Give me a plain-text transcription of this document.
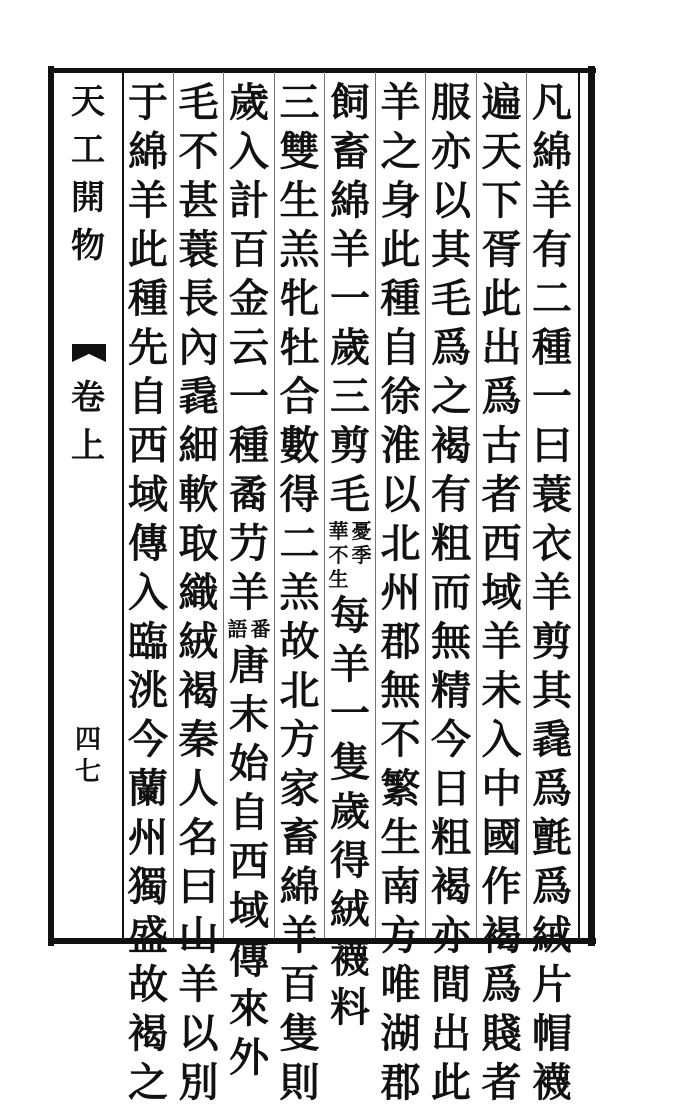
天
工
開
物
卷
上
四
七
凡
綿
羊
有
二
種
一
曰
蓑
衣
羊
剪
其
毳
爲
氈
爲
絨
片
帽
襪
遍
天
下
胥
此
出
爲
古
者
西
域
羊
未
入
中
國
作
褐
爲
賤
者
服
亦
以
其
毛
爲
之
褐
有
粗
而
無
精
今
日
粗
褐
亦
間
出
此
羊
之
身
此
種
自
徐
淮
以
北
州
郡
無
不
繁
生
南
方
唯
湖
郡
飼
畜
綿
羊
一
歲
三
剪
毛
憂
季
華
不
生
每
羊
一
隻
歲
得
絨
襪
料
三
雙
生
羔
牝
牡
合
數
得
二
羔
故
北
方
家
畜
綿
羊
百
隻
則
歲
入
計
百
金
云
一
種
矞
芀
羊
番
語
唐
末
始
自
西
域
傳
來
外
毛
不
甚
蓑
長
內
毳
細
軟
取
織
絨
褐
秦
人
名
曰
山
羊
以
別
于
綿
羊
此
種
先
自
西
域
傳
入
臨
洮
今
蘭
州
獨
盛
故
褐
之
